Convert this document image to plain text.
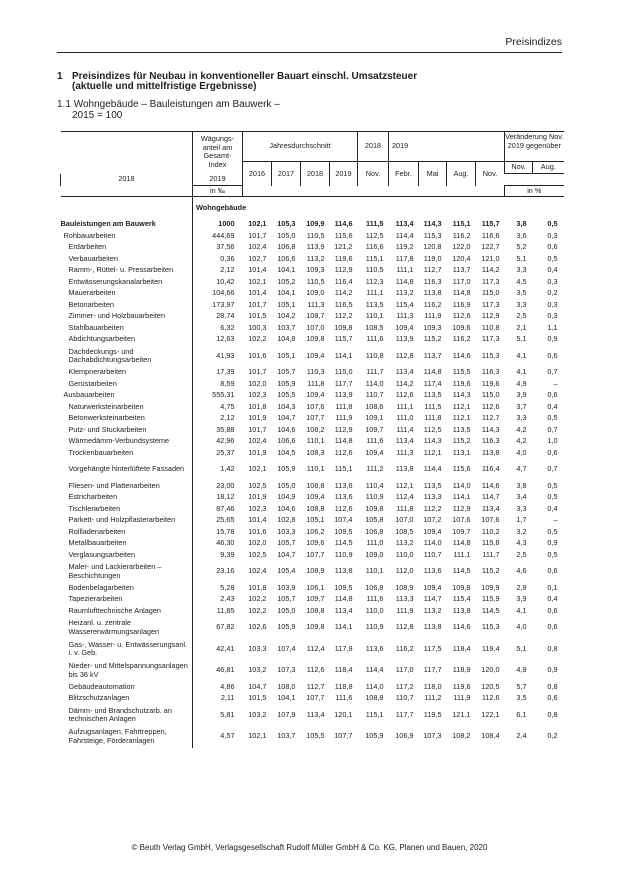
Preisindizes
1 Preisindizes für Neubau in konventioneller Bauart einschl. Umsatzsteuer
(aktuelle und mittelfristige Ergebnisse)
1.1 Wohngebäude – Bauleistungen am Bauwerk –
2015 = 100
	Wägungs-anteil am Gesamt-Index	Jahresdurchschnitt				2018	2019				Veränderung Nov. 2019 gegenüber	
		2016	2017	2018	2019	Nov.	Febr.	Mai	Aug.	Nov.	Nov.	Aug.
2018	2019											
	in ‰										in %	
	Wohngebäude											
Bauleistungen am Bauwerk	1000	102,1	105,3	109,9	114,6	111,5	113,4	114,3	115,1	115,7	3,8	0,5
Rohbauarbeiten	444,69	101,7	105,0	110,5	115,6	112,5	114,4	115,3	116,2	116,6	3,6	0,3
Erdarbeiten	37,56	102,4	106,8	113,9	121,2	116,6	119,2	120,8	122,0	122,7	5,2	0,6
Verbauarbeiten	0,36	102,7	106,6	113,2	119,6	115,1	117,8	119,0	120,4	121,0	5,1	0,5
Ramm-, Rüttel- u. Pressarbeiten	2,12	101,4	104,1	109,3	112,9	110,5	111,1	112,7	113,7	114,2	3,3	0,4
Entwässerungskanalarbeiten	10,42	102,1	105,2	110,5	116,4	112,3	114,8	116,3	117,0	117,3	4,5	0,3
Mauerarbeiten	104,66	101,4	104,1	109,0	114,2	111,1	113,2	113,8	114,8	115,0	3,5	0,2
Betonarbeiten	173,97	101,7	105,1	111,3	116,5	113,5	115,4	116,2	116,9	117,3	3,3	0,3
Zimmer- und Holzbauarbeiten	28,74	101,5	104,2	108,7	112,2	110,1	111,3	111,9	112,6	112,9	2,5	0,3
Stahlbauarbeiten	6,32	100,3	103,7	107,0	109,8	108,5	109,4	109,3	109,6	110,8	2,1	1,1
Abdichtungsarbeiten	12,63	102,2	104,8	109,8	115,7	111,6	113,9	115,2	116,2	117,3	5,1	0,9
Dachdeckungs- und Dachabdichtungsarbeiten	41,93	101,6	105,1	109,4	114,1	110,8	112,8	113,7	114,6	115,3	4,1	0,6
Klempnerarbeiten	17,39	101,7	105,7	110,3	115,0	111,7	113,4	114,8	115,5	116,3	4,1	0,7
Gerüstarbeiten	8,59	102,0	105,9	111,8	117,7	114,0	114,2	117,4	119,6	119,6	4,9	–
Ausbauarbeiten	555,31	102,3	105,5	109,4	113,9	110,7	112,6	113,5	114,3	115,0	3,9	0,6
Naturwerksteinarbeiten	4,75	101,8	104,3	107,6	111,8	108,6	111,1	111,5	112,1	112,6	3,7	0,4
Betonwerksteinarbeiten	2,12	101,9	104,7	107,7	111,9	109,1	111,0	111,8	112,1	112,7	3,3	0,5
Putz- und Stuckarbeiten	35,88	101,7	104,6	108,2	112,9	109,7	111,4	112,5	113,5	114,3	4,2	0,7
Wärmedämm-Verbundsysteme	42,96	102,4	106,6	110,1	114,8	111,6	113,4	114,3	115,2	116,3	4,2	1,0
Trockenbauarbeiten	25,37	101,9	104,5	108,3	112,6	109,4	111,3	112,1	113,1	113,8	4,0	0,6
Vorgehängte hinterlüftete Fassaden	1,42	102,1	105,9	110,1	115,1	111,2	113,8	114,4	115,6	116,4	4,7	0,7
Fliesen- und Plattenarbeiten	23,00	102,5	105,0	108,8	113,6	110,4	112,1	113,5	114,0	114,6	3,8	0,5
Estricharbeiten	18,12	101,9	104,9	109,4	113,6	110,9	112,4	113,3	114,1	114,7	3,4	0,5
Tischlerarbeiten	87,46	102,3	104,6	108,8	112,6	109,8	111,8	112,2	112,9	113,4	3,3	0,4
Parkett- und Holzpflasterarbeiten	25,65	101,4	102,8	105,1	107,4	105,8	107,0	107,2	107,6	107,6	1,7	–
Rollladenarbeiten	15,78	101,6	103,3	106,2	109,5	106,8	108,5	109,4	109,7	110,2	3,2	0,5
Metallbauarbeiten	46,30	102,0	105,7	109,6	114,5	111,0	113,2	114,0	114,8	115,8	4,3	0,9
Verglasungsarbeiten	9,39	102,5	104,7	107,7	110,9	109,0	110,0	110,7	111,1	111,7	2,5	0,5
Maler- und Lackierarbeiten – Beschichtungen	23,16	102,4	105,4	108,9	113,8	110,1	112,0	113,6	114,5	115,2	4,6	0,6
Bodenbelagarbeiten	5,28	101,8	103,9	106,1	109,5	106,8	108,9	109,4	109,8	109,9	2,9	0,1
Tapezierarbeiten	2,43	102,2	105,7	109,7	114,8	111,6	113,3	114,7	115,4	115,9	3,9	0,4
Raumlufttechnische Anlagen	11,85	102,2	105,0	108,8	113,4	110,0	111,9	113,2	113,8	114,5	4,1	0,6
Heizanl. u. zentrale Wassererwärmungsanlagen	67,82	102,6	105,9	109,8	114,1	110,9	112,8	113,8	114,6	115,3	4,0	0,6
Gas-, Wasser- u. Entwässerungsanl. i. v. Geb.	42,41	103,3	107,4	112,4	117,9	113,6	116,2	117,5	118,4	119,4	5,1	0,8
Nieder- und Mittelspannungsanlagen bis 36 kV	46,81	103,2	107,3	112,6	118,4	114,4	117,0	117,7	118,9	120,0	4,9	0,9
Gebäudeautomation	4,86	104,7	108,0	112,7	118,8	114,0	117,2	118,0	119,6	120,5	5,7	0,8
Blitzschutzanlagen	2,11	101,5	104,1	107,7	111,6	108,8	110,7	111,2	111,9	112,6	3,5	0,6
Dämm- und Brandschutzarb. an technischen Anlagen	5,81	103,2	107,9	113,4	120,1	115,1	117,7	119,5	121,1	122,1	6,1	0,8
Aufzugsanlagen, Fahrtreppen, Fahrsteige, Förderanlagen	4,57	102,1	103,7	105,5	107,7	105,9	106,9	107,3	108,2	108,4	2,4	0,2
© Beuth Verlag GmbH, Verlagsgesellschaft Rudolf Müller GmbH & Co. KG, Planen und Bauen, 2020
